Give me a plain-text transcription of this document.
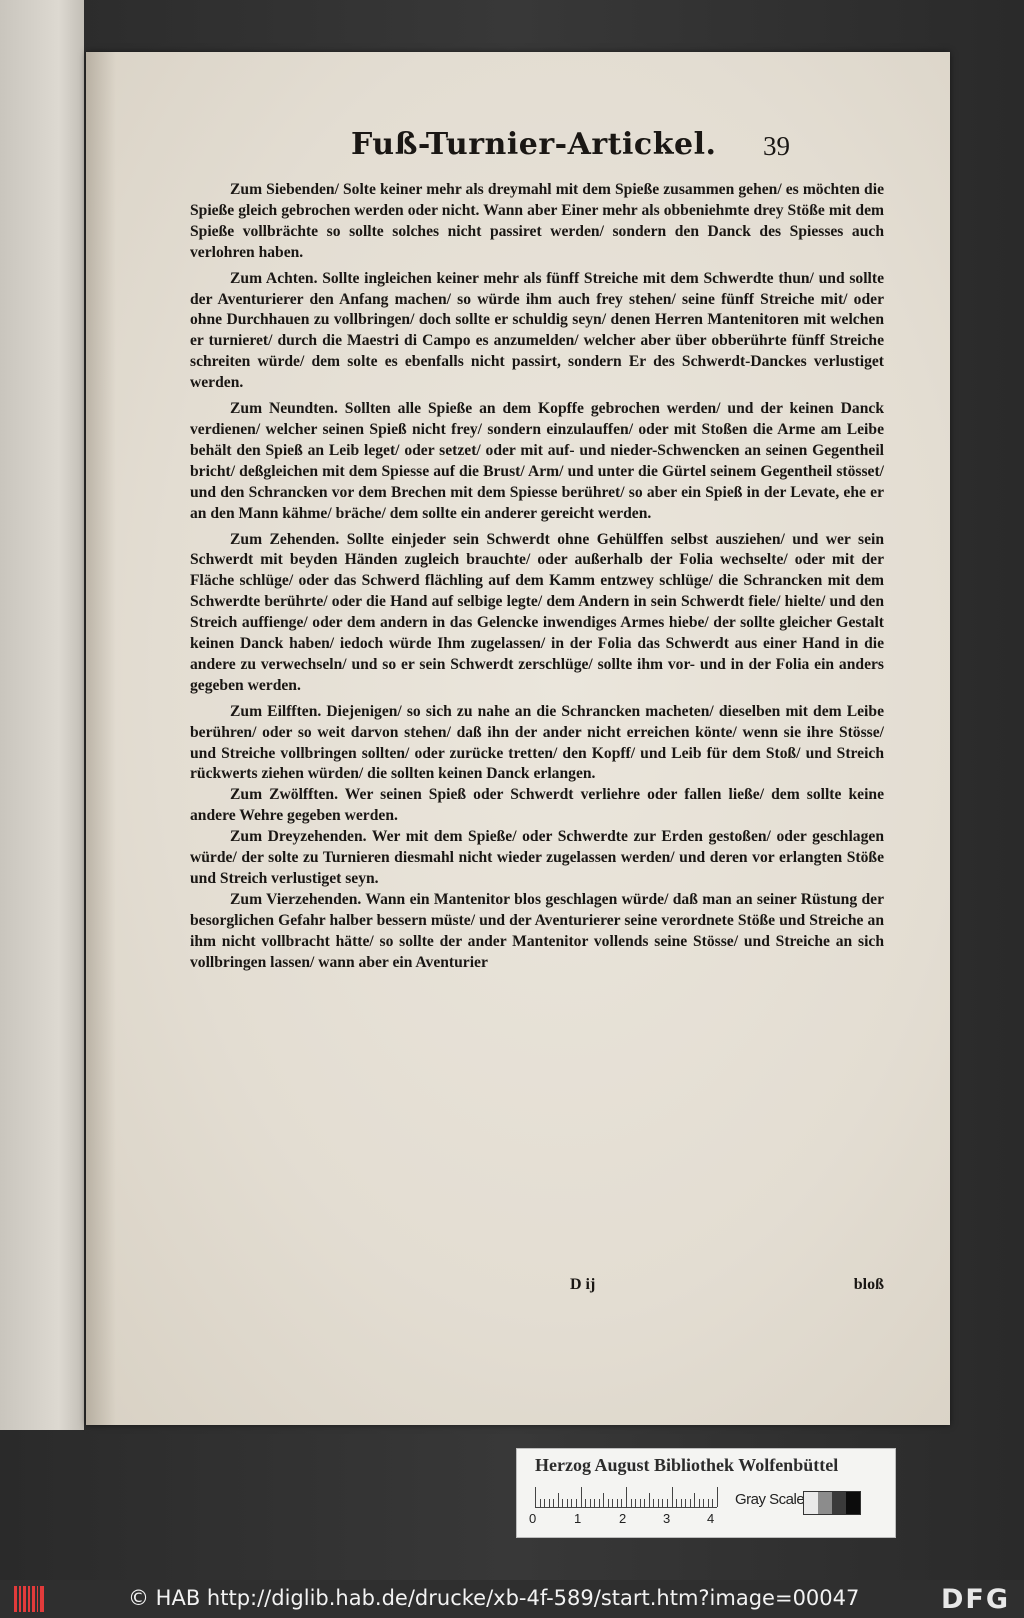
Fuß-Turnier-Artickel. 39

Zum Siebenden/ Solte keiner mehr als dreymahl mit dem Spieße zusammen gehen/ es möchten die Spieße gleich gebrochen werden oder nicht. Wann aber Einer mehr als obbeniehmte drey Stöße mit dem Spieße vollbrächte so sollte solches nicht passiret werden/ sondern den Danck des Spiesses auch verlohren haben.

Zum Achten. Sollte ingleichen keiner mehr als fünff Streiche mit dem Schwerdte thun/ und sollte der Aventurierer den Anfang machen/ so würde ihm auch frey stehen/ seine fünff Streiche mit/ oder ohne Durchhauen zu vollbringen/ doch sollte er schuldig seyn/ denen Herren Mantenitoren mit welchen er turnieret/ durch die Maestri di Campo es anzumelden/ welcher aber über obberührte fünff Streiche schreiten würde/ dem solte es ebenfalls nicht passirt, sondern Er des Schwerdt-Danckes verlustiget werden.

Zum Neundten. Sollten alle Spieße an dem Kopffe gebrochen werden/ und der keinen Danck verdienen/ welcher seinen Spieß nicht frey/ sondern einzulauffen/ oder mit Stoßen die Arme am Leibe behält den Spieß an Leib leget/ oder setzet/ oder mit auf- und nieder-Schwencken an seinen Gegentheil bricht/ deßgleichen mit dem Spiesse auf die Brust/ Arm/ und unter die Gürtel seinem Gegentheil stösset/ und den Schrancken vor dem Brechen mit dem Spiesse berühret/ so aber ein Spieß in der Levate, ehe er an den Mann kähme/ bräche/ dem sollte ein anderer gereicht werden.

Zum Zehenden. Sollte einjeder sein Schwerdt ohne Gehülffen selbst ausziehen/ und wer sein Schwerdt mit beyden Händen zugleich brauchte/ oder außerhalb der Folia wechselte/ oder mit der Fläche schlüge/ oder das Schwerd flächling auf dem Kamm entzwey schlüge/ die Schrancken mit dem Schwerdte berührte/ oder die Hand auf selbige legte/ dem Andern in sein Schwerdt fiele/ hielte/ und den Streich auffienge/ oder dem andern in das Gelencke inwendiges Armes hiebe/ der sollte gleicher Gestalt keinen Danck haben/ iedoch würde Ihm zugelassen/ in der Folia das Schwerdt aus einer Hand in die andere zu verwechseln/ und so er sein Schwerdt zerschlüge/ sollte ihm vor- und in der Folia ein anders gegeben werden.

Zum Eilfften. Diejenigen/ so sich zu nahe an die Schrancken macheten/ dieselben mit dem Leibe berühren/ oder so weit darvon stehen/ daß ihn der ander nicht erreichen könte/ wenn sie ihre Stösse/ und Streiche vollbringen sollten/ oder zurücke tretten/ den Kopff/ und Leib für dem Stoß/ und Streich rückwerts ziehen würden/ die sollten keinen Danck erlangen.

Zum Zwölfften. Wer seinen Spieß oder Schwerdt verliehre oder fallen ließe/ dem sollte keine andere Wehre gegeben werden.

Zum Dreyzehenden. Wer mit dem Spieße/ oder Schwerdte zur Erden gestoßen/ oder geschlagen würde/ der solte zu Turnieren diesmahl nicht wieder zugelassen werden/ und deren vor erlangten Stöße und Streich verlustiget seyn.

Zum Vierzehenden. Wann ein Mantenitor blos geschlagen würde/ daß man an seiner Rüstung der besorglichen Gefahr halber bessern müste/ und der Aventurierer seine verordnete Stöße und Streiche an ihm nicht vollbracht hätte/ so sollte der ander Mantenitor vollends seine Stösse/ und Streiche an sich vollbringen lassen/ wann aber ein Aventurier

D ij	bloß
Herzog August Bibliothek Wolfenbüttel
0	1	2	3	4
Gray Scale
© HAB http://diglib.hab.de/drucke/xb-4f-589/start.htm?image=00047	DFG
